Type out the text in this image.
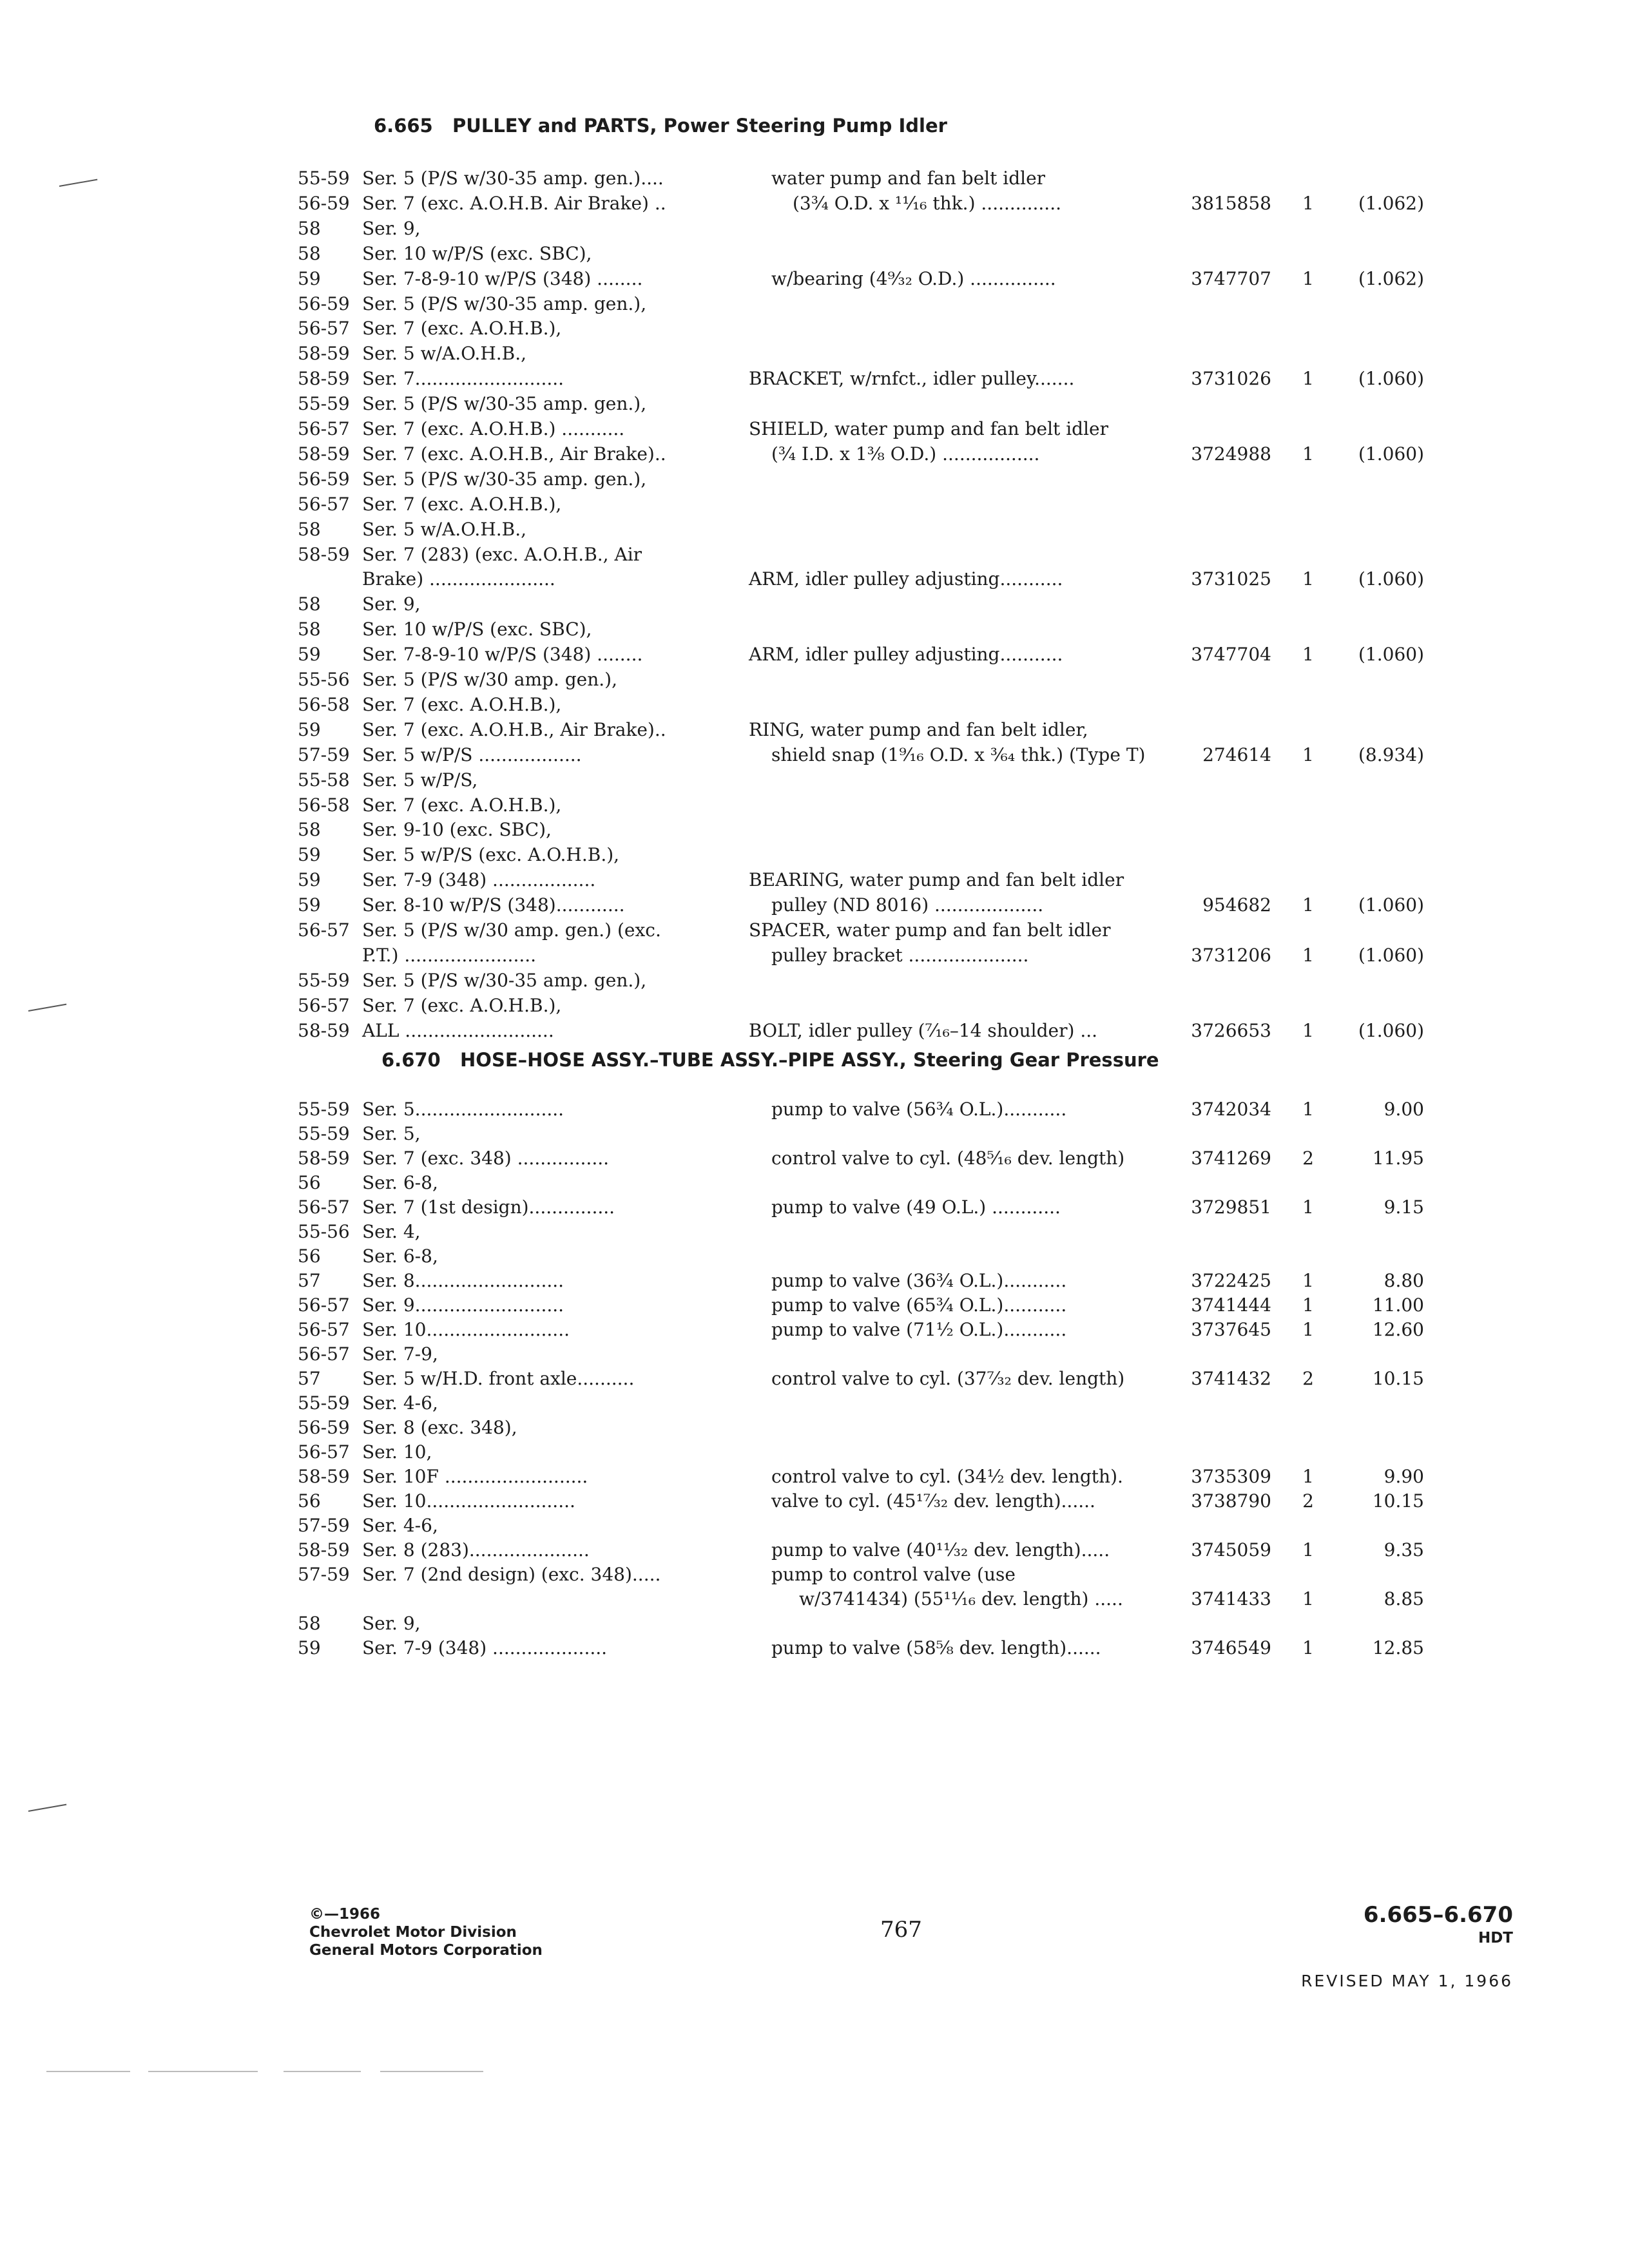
6.665 PULLEY and PARTS, Power Steering Pump Idler
6.670 HOSE–HOSE ASSY.–TUBE ASSY.–PIPE ASSY., Steering Gear Pressure
55-59 Ser. 5 (P/S w/30-35 amp. gen.)....	water pump and fan belt idler
56-59 Ser. 7 (exc. A.O.H.B. Air Brake) ..	(3¾ O.D. x ¹¹⁄₁₆ thk.) ..............	3815858 1 (1.062)
58 Ser. 9,
58 Ser. 10 w/P/S (exc. SBC),
59 Ser. 7-8-9-10 w/P/S (348) ........	w/bearing (4⁹⁄₃₂ O.D.) ...............	3747707 1 (1.062)
56-59 Ser. 5 (P/S w/30-35 amp. gen.),
56-57 Ser. 7 (exc. A.O.H.B.),
58-59 Ser. 5 w/A.O.H.B.,
58-59 Ser. 7..........................	BRACKET, w/rnfct., idler pulley.......	3731026 1 (1.060)
55-59 Ser. 5 (P/S w/30-35 amp. gen.),
56-57 Ser. 7 (exc. A.O.H.B.) ...........	SHIELD, water pump and fan belt idler
58-59 Ser. 7 (exc. A.O.H.B., Air Brake)..	(¾ I.D. x 1⅜ O.D.) .................	3724988 1 (1.060)
56-59 Ser. 5 (P/S w/30-35 amp. gen.),
56-57 Ser. 7 (exc. A.O.H.B.),
58 Ser. 5 w/A.O.H.B.,
58-59 Ser. 7 (283) (exc. A.O.H.B., Air
Brake) ......................	ARM, idler pulley adjusting...........	3731025 1 (1.060)
58 Ser. 9,
58 Ser. 10 w/P/S (exc. SBC),
59 Ser. 7-8-9-10 w/P/S (348) ........	ARM, idler pulley adjusting...........	3747704 1 (1.060)
55-56 Ser. 5 (P/S w/30 amp. gen.),
56-58 Ser. 7 (exc. A.O.H.B.),
59 Ser. 7 (exc. A.O.H.B., Air Brake)..	RING, water pump and fan belt idler,
57-59 Ser. 5 w/P/S ..................	shield snap (1⁹⁄₁₆ O.D. x ³⁄₆₄ thk.) (Type T)	274614 1 (8.934)
55-58 Ser. 5 w/P/S,
56-58 Ser. 7 (exc. A.O.H.B.),
58 Ser. 9-10 (exc. SBC),
59 Ser. 5 w/P/S (exc. A.O.H.B.),
59 Ser. 7-9 (348) ..................	BEARING, water pump and fan belt idler
59 Ser. 8-10 w/P/S (348)............	pulley (ND 8016) ...................	954682 1 (1.060)
56-57 Ser. 5 (P/S w/30 amp. gen.) (exc.	SPACER, water pump and fan belt idler
P.T.) .......................	pulley bracket .....................	3731206 1 (1.060)
55-59 Ser. 5 (P/S w/30-35 amp. gen.),
56-57 Ser. 7 (exc. A.O.H.B.),
58-59 ALL ..........................	BOLT, idler pulley (⁷⁄₁₆–14 shoulder) ...	3726653 1 (1.060)
55-59 Ser. 5..........................	pump to valve (56¾ O.L.)...........	3742034 1	9.00
55-59 Ser. 5,
58-59 Ser. 7 (exc. 348) ................	control valve to cyl. (48⁵⁄₁₆ dev. length)	3741269 2	11.95
56 Ser. 6-8,
56-57 Ser. 7 (1st design)...............	pump to valve (49 O.L.) ............	3729851 1	9.15
55-56 Ser. 4,
56 Ser. 6-8,
57 Ser. 8..........................	pump to valve (36¾ O.L.)...........	3722425 1	8.80
56-57 Ser. 9..........................	pump to valve (65¾ O.L.)...........	3741444 1	11.00
56-57 Ser. 10.........................	pump to valve (71½ O.L.)...........	3737645 1	12.60
56-57 Ser. 7-9,
57 Ser. 5 w/H.D. front axle..........	control valve to cyl. (37⁷⁄₃₂ dev. length)	3741432 2	10.15
55-59 Ser. 4-6,
56-59 Ser. 8 (exc. 348),
56-57 Ser. 10,
58-59 Ser. 10F .........................	control valve to cyl. (34½ dev. length).	3735309 1	9.90
56 Ser. 10..........................	valve to cyl. (45¹⁷⁄₃₂ dev. length)......	3738790 2	10.15
57-59 Ser. 4-6,
58-59 Ser. 8 (283).....................	pump to valve (40¹¹⁄₃₂ dev. length).....	3745059 1	9.35
57-59 Ser. 7 (2nd design) (exc. 348).....	pump to control valve (use
w/3741434) (55¹¹⁄₁₆ dev. length) .....	3741433 1	8.85
58 Ser. 9,
59 Ser. 7-9 (348) ....................	pump to valve (58⅝ dev. length)......	3746549 1	12.85
©—1966
Chevrolet Motor Division
General Motors Corporation
767
6.665–6.670
HDT
REVISED MAY 1, 1966
